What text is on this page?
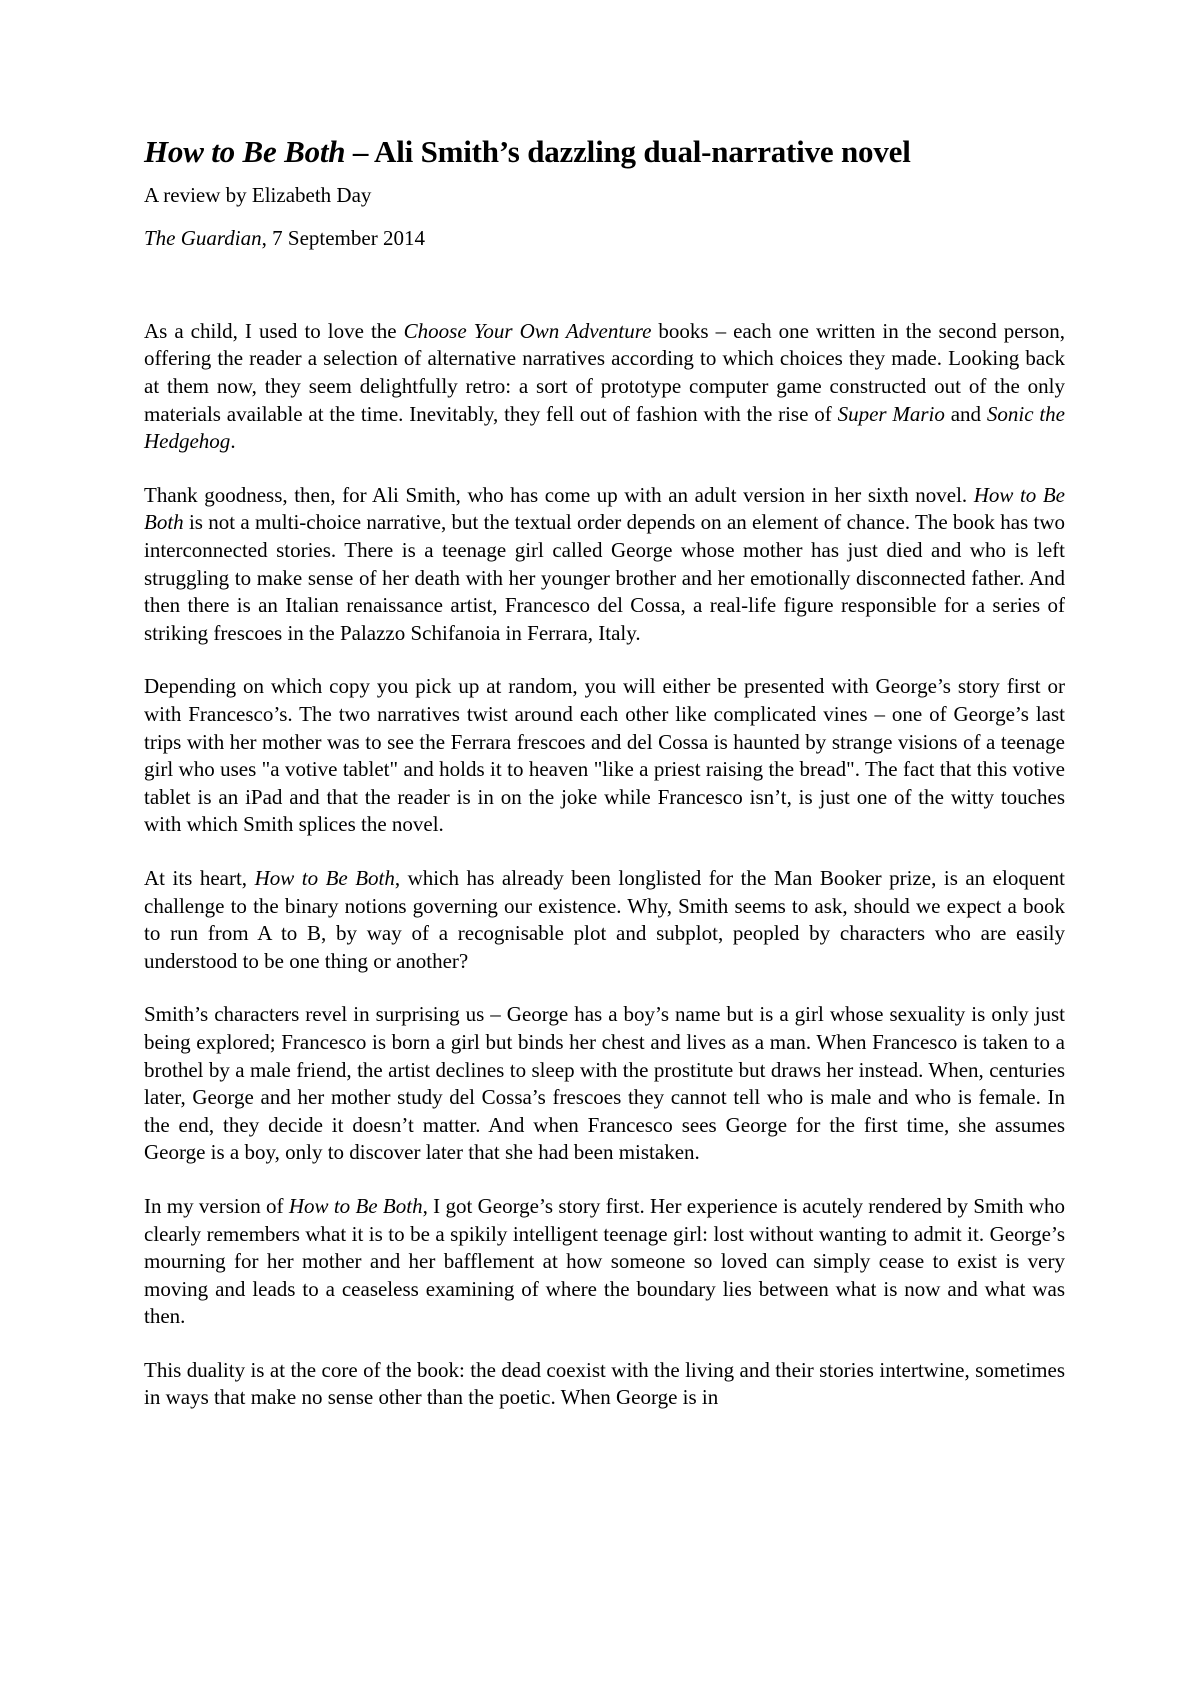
How to Be Both – Ali Smith’s dazzling dual-narrative novel

A review by Elizabeth Day

The Guardian, 7 September 2014

As a child, I used to love the Choose Your Own Adventure books – each one written in the second person, offering the reader a selection of alternative narratives according to which choices they made. Looking back at them now, they seem delightfully retro: a sort of prototype computer game constructed out of the only materials available at the time. Inevitably, they fell out of fashion with the rise of Super Mario and Sonic the Hedgehog.

Thank goodness, then, for Ali Smith, who has come up with an adult version in her sixth novel. How to Be Both is not a multi-choice narrative, but the textual order depends on an element of chance. The book has two interconnected stories. There is a teenage girl called George whose mother has just died and who is left struggling to make sense of her death with her younger brother and her emotionally disconnected father. And then there is an Italian renaissance artist, Francesco del Cossa, a real-life figure responsible for a series of striking frescoes in the Palazzo Schifanoia in Ferrara, Italy.

Depending on which copy you pick up at random, you will either be presented with George’s story first or with Francesco’s. The two narratives twist around each other like complicated vines – one of George’s last trips with her mother was to see the Ferrara frescoes and del Cossa is haunted by strange visions of a teenage girl who uses "a votive tablet" and holds it to heaven "like a priest raising the bread". The fact that this votive tablet is an iPad and that the reader is in on the joke while Francesco isn’t, is just one of the witty touches with which Smith splices the novel.

At its heart, How to Be Both, which has already been longlisted for the Man Booker prize, is an eloquent challenge to the binary notions governing our existence. Why, Smith seems to ask, should we expect a book to run from A to B, by way of a recognisable plot and subplot, peopled by characters who are easily understood to be one thing or another?

Smith’s characters revel in surprising us – George has a boy’s name but is a girl whose sexuality is only just being explored; Francesco is born a girl but binds her chest and lives as a man. When Francesco is taken to a brothel by a male friend, the artist declines to sleep with the prostitute but draws her instead. When, centuries later, George and her mother study del Cossa’s frescoes they cannot tell who is male and who is female. In the end, they decide it doesn’t matter. And when Francesco sees George for the first time, she assumes George is a boy, only to discover later that she had been mistaken.

In my version of How to Be Both, I got George’s story first. Her experience is acutely rendered by Smith who clearly remembers what it is to be a spikily intelligent teenage girl: lost without wanting to admit it. George’s mourning for her mother and her bafflement at how someone so loved can simply cease to exist is very moving and leads to a ceaseless examining of where the boundary lies between what is now and what was then.

This duality is at the core of the book: the dead coexist with the living and their stories intertwine, sometimes in ways that make no sense other than the poetic. When George is in
